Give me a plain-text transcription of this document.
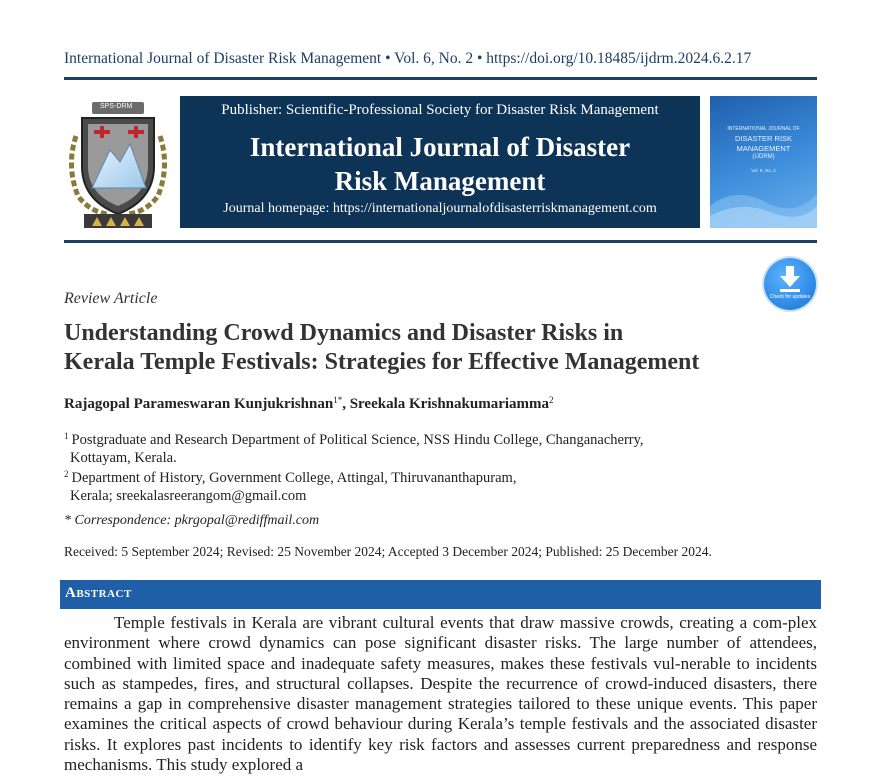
International Journal of Disaster Risk Management • Vol. 6, No. 2 • https://doi.org/10.18485/ijdrm.2024.6.2.17
SPS-DRM	Publisher: Scientific-Professional Society for Disaster Risk Management
International Journal of Disaster
Risk Management
Journal homepage: https://internationaljournalofdisasterriskmanagement.com
INTERNATIONAL JOURNAL OF
DISASTER RISK
MANAGEMENT
(IJDRM)
Vol. 6, No. 2
Check for updates
Review Article
Understanding Crowd Dynamics and Disaster Risks in
Kerala Temple Festivals: Strategies for Effective Management
Rajagopal Parameswaran Kunjukrishnan$^{1*}$, Sreekala Krishnakumariamma$^2$
$^1$ Postgraduate and Research Department of Political Science, NSS Hindu College, Changanacherry,
Kottayam, Kerala.
$^2$ Department of History, Government College, Attingal, Thiruvananthapuram,
Kerala; sreekalasreerangom@gmail.com
* Correspondence: pkrgopal@rediffmail.com
Received: 5 September 2024; Revised: 25 November 2024; Accepted 3 December 2024; Published: 25 December 2024.
Abstract
Temple festivals in Kerala are vibrant cultural events that draw massive crowds, creating a com-plex environment where crowd dynamics can pose significant disaster risks. The large number of attendees, combined with limited space and inadequate safety measures, makes these festivals vul-nerable to incidents such as stampedes, fires, and structural collapses. Despite the recurrence of crowd-induced disasters, there remains a gap in comprehensive disaster management strategies tailored to these unique events. This paper examines the critical aspects of crowd behaviour during Kerala’s temple festivals and the associated disaster risks. It explores past incidents to identify key risk factors and assesses current preparedness and response mechanisms. This study explored a
